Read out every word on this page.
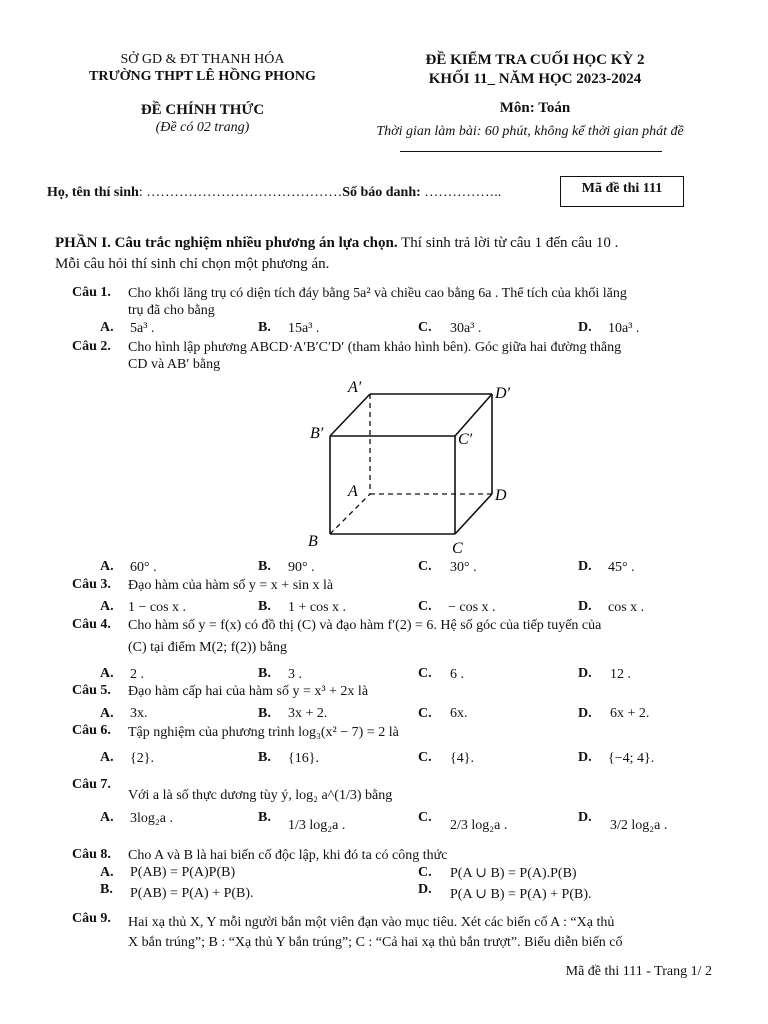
SỞ GD & ĐT THANH HÓA
TRƯỜNG THPT LÊ HỒNG PHONG
ĐỀ CHÍNH THỨC
(Đề có 02 trang)
ĐỀ KIỂM TRA CUỐI HỌC KỲ 2
KHỐI 11_ NĂM HỌC 2023-2024
Môn: Toán
Thời gian làm bài: 60 phút, không kể thời gian phát đề
Họ, tên thí sinh: ……………………………………Số báo danh: ……………..	Mã đề thi 111
PHẦN I. Câu trắc nghiệm nhiều phương án lựa chọn. Thí sinh trả lời từ câu 1 đến câu 10 .
Mỗi câu hỏi thí sinh chỉ chọn một phương án.
Câu 1. Cho khối lăng trụ có diện tích đáy bằng 5a² và chiều cao bằng 6a . Thể tích của khối lăng
trụ đã cho bằng
A. 5a³ .	B. 15a³ .	C. 30a³ .	D. 10a³ .
Câu 2. Cho hình lập phương ABCD·A′B′C′D′ (tham khảo hình bên). Góc giữa hai đường thẳng
CD và AB′ bằng
A′	D′
B′	C′
A	D
B	C
A. 60° .	B. 90° .	C. 30° .	D. 45° .
Câu 3. Đạo hàm của hàm số y = x + sin x là
A. 1 − cos x .	B. 1 + cos x .	C. − cos x .	D. cos x .
Câu 4. Cho hàm số y = f(x) có đồ thị (C) và đạo hàm f′(2) = 6. Hệ số góc của tiếp tuyến của
(C) tại điểm M(2; f(2)) bằng
A. 2 .	B. 3 .	C. 6 .	D. 12 .
Câu 5. Đạo hàm cấp hai của hàm số y = x³ + 2x là
A. 3x.	B. 3x + 2.	C. 6x.	D. 6x + 2.
Câu 6. Tập nghiệm của phương trình log₃(x² − 7) = 2 là
A. {2}.	B. {16}.	C. {4}.	D. {−4; 4}.
Câu 7.
Với a là số thực dương tùy ý, log₂ a^(1/3) bằng
A. 3log₂a .	B.
1/3 log₂a .
C.
2/3 log₂a .
D.
3/2 log₂a .
Câu 8. Cho A và B là hai biến cố độc lập, khi đó ta có công thức
A. P(AB) = P(A)P(B)
B. P(AB) = P(A) + P(B).
C. P(A ∪ B) = P(A).P(B)
D. P(A ∪ B) = P(A) + P(B).
Câu 9. Hai xạ thủ X, Y mỗi người bắn một viên đạn vào mục tiêu. Xét các biến cố A : “Xạ thủ
X bắn trúng”; B : “Xạ thủ Y bắn trúng”; C : “Cả hai xạ thủ bắn trượt”. Biểu diễn biến cố
Mã đề thi 111 - Trang 1/ 2
